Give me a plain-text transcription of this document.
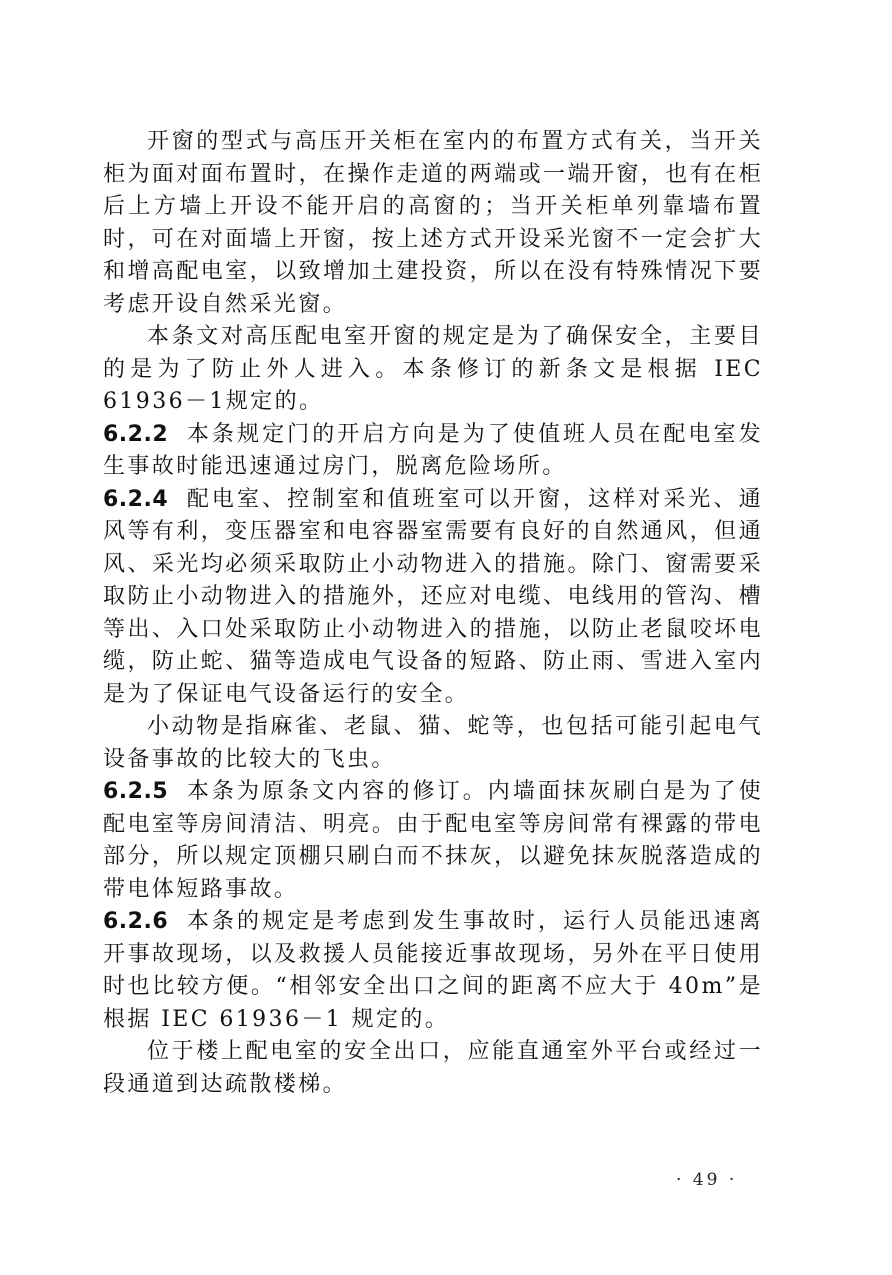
开窗的型式与高压开关柜在室内的布置方式有关，当开关柜为面对面布置时，在操作走道的两端或一端开窗，也有在柜后上方墙上开设不能开启的高窗的；当开关柜单列靠墙布置时，可在对面墙上开窗，按上述方式开设采光窗不一定会扩大和增高配电室，以致增加土建投资，所以在没有特殊情况下要考虑开设自然采光窗。

本条文对高压配电室开窗的规定是为了确保安全，主要目的是为了防止外人进入。本条修订的新条文是根据 IEC 61936－1规定的。

6.2.2 本条规定门的开启方向是为了使值班人员在配电室发生事故时能迅速通过房门，脱离危险场所。

6.2.4 配电室、控制室和值班室可以开窗，这样对采光、通风等有利，变压器室和电容器室需要有良好的自然通风，但通风、采光均必须采取防止小动物进入的措施。除门、窗需要采取防止小动物进入的措施外，还应对电缆、电线用的管沟、槽等出、入口处采取防止小动物进入的措施，以防止老鼠咬坏电缆，防止蛇、猫等造成电气设备的短路、防止雨、雪进入室内是为了保证电气设备运行的安全。

小动物是指麻雀、老鼠、猫、蛇等，也包括可能引起电气设备事故的比较大的飞虫。

6.2.5 本条为原条文内容的修订。内墙面抹灰刷白是为了使配电室等房间清洁、明亮。由于配电室等房间常有裸露的带电部分，所以规定顶棚只刷白而不抹灰，以避免抹灰脱落造成的带电体短路事故。

6.2.6 本条的规定是考虑到发生事故时，运行人员能迅速离开事故现场，以及救援人员能接近事故现场，另外在平日使用时也比较方便。“相邻安全出口之间的距离不应大于 40m”是根据 IEC 61936－1 规定的。

位于楼上配电室的安全出口，应能直通室外平台或经过一段通道到达疏散楼梯。

· 49 ·
